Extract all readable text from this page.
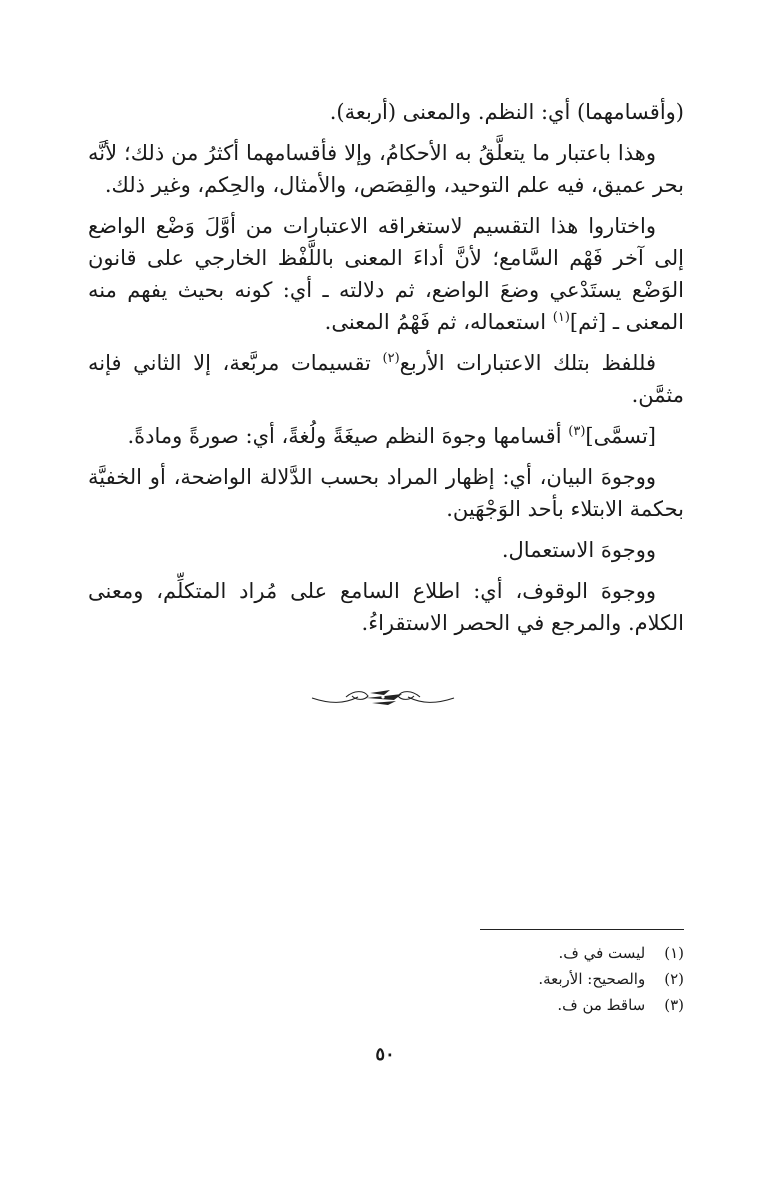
(وأقسامهما) أي: النظم. والمعنى (أربعة).

وهذا باعتبار ما يتعلَّقُ به الأحكامُ، وإلا فأقسامهما أكثرُ من ذلك؛ لأنَّه بحر عميق، فيه علم التوحيد، والقِصَص، والأمثال، والحِكم، وغير ذلك.

واختاروا هذا التقسيم لاستغراقه الاعتبارات من أوَّلَ وَضْع الواضع إلى آخر فَهْم السَّامع؛ لأنَّ أداءَ المعنى باللَّفْظ الخارجي على قانون الوَضْع يستَدْعي وضعَ الواضع، ثم دلالته ـ أي: كونه بحيث يفهم منه المعنى ـ [ثم]$^{(١)}$ استعماله، ثم فَهْمُ المعنى.

فللفظ بتلك الاعتبارات الأربع$^{(٢)}$ تقسيمات مربَّعة، إلا الثاني فإنه مثمَّن.

[تسمَّى]$^{(٣)}$ أقسامها وجوهَ النظم صيغَةً ولُغةً، أي: صورةً ومادةً.

ووجوهَ البيان، أي: إظهار المراد بحسب الدَّلالة الواضحة، أو الخفيَّة بحكمة الابتلاء بأحد الوَجْهَين.

ووجوهَ الاستعمال.

ووجوهَ الوقوف، أي: اطلاع السامع على مُراد المتكلِّم، ومعنى الكلام. والمرجع في الحصر الاستقراءُ.

(١) ليست في ف.
(٢) والصحيح: الأربعة.
(٣) ساقط من ف.
٥٠
